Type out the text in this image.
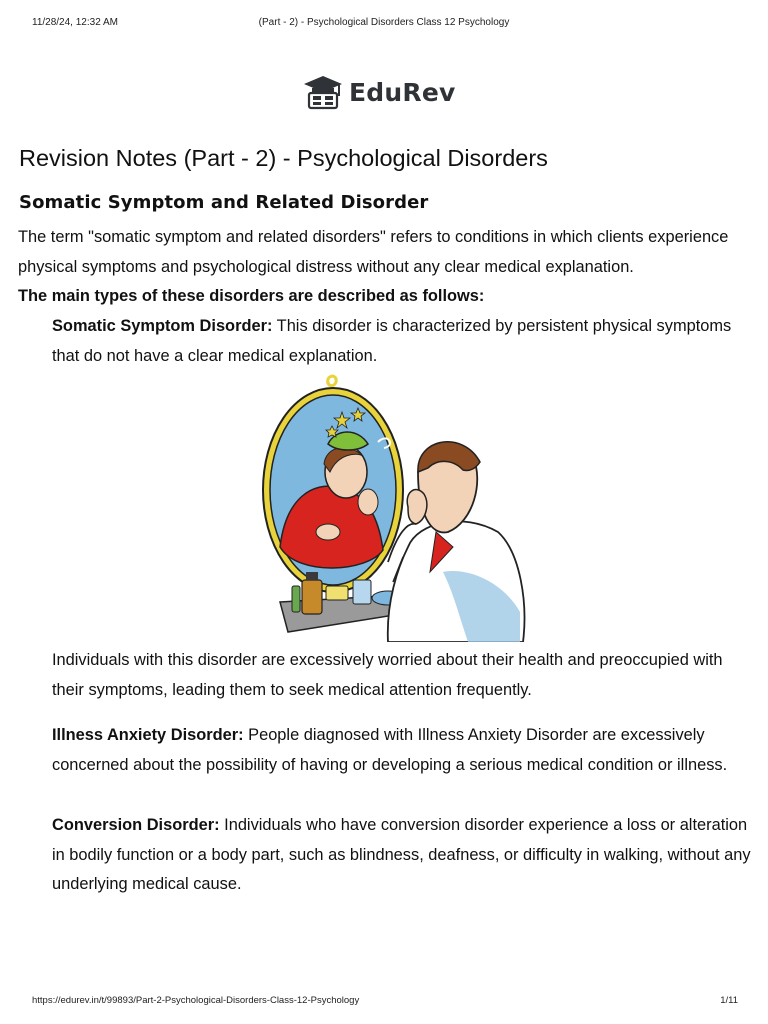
11/28/24, 12:32 AM	(Part - 2) - Psychological Disorders Class 12 Psychology
EduRev
Revision Notes (Part - 2) - Psychological Disorders
Somatic Symptom and Related Disorder

The term "somatic symptom and related disorders" refers to conditions in which clients experience physical symptoms and psychological distress without any clear medical explanation.

The main types of these disorders are described as follows:

Somatic Symptom Disorder: This disorder is characterized by persistent physical symptoms that do not have a clear medical explanation.

Individuals with this disorder are excessively worried about their health and preoccupied with their symptoms, leading them to seek medical attention frequently.

Illness Anxiety Disorder: People diagnosed with Illness Anxiety Disorder are excessively concerned about the possibility of having or developing a serious medical condition or illness.

Conversion Disorder: Individuals who have conversion disorder experience a loss or alteration in bodily function or a body part, such as blindness, deafness, or difficulty in walking, without any underlying medical cause.

https://edurev.in/t/99893/Part-2-Psychological-Disorders-Class-12-Psychology	1/11
